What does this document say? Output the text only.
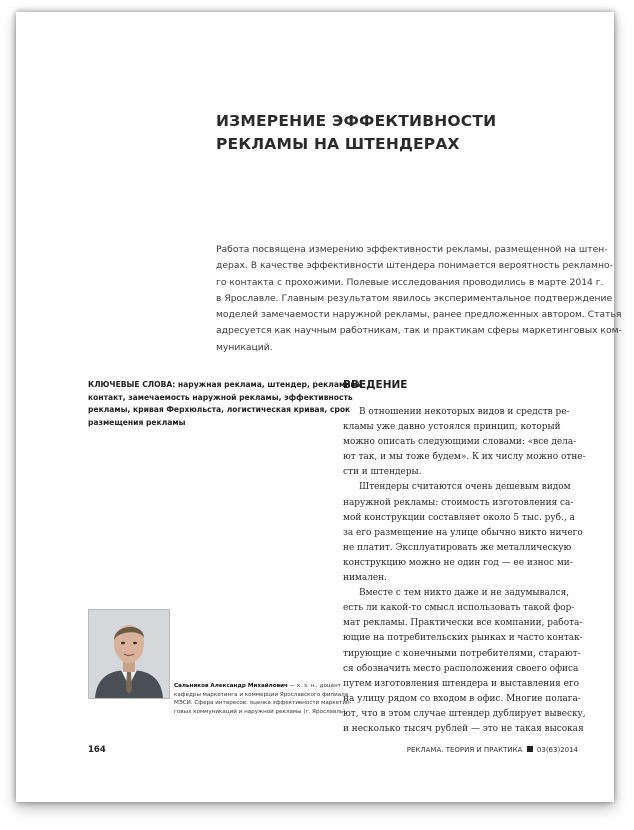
ИЗМЕРЕНИЕ ЭФФЕКТИВНОСТИ
РЕКЛАМЫ НА ШТЕНДЕРАХ
Работа посвящена измерению эффективности рекламы, размещенной на штен-
дерах. В качестве эффективности штендера понимается вероятность рекламно-
го контакта с прохожими. Полевые исследования проводились в марте 2014 г.
в Ярославле. Главным результатом явилось экспериментальное подтверждение
моделей замечаемости наружной рекламы, ранее предложенных автором. Статья
адресуется как научным работникам, так и практикам сферы маркетинговых ком-
муникаций.
КЛЮЧЕВЫЕ СЛОВА: наружная реклама, штендер, рекламный
контакт, замечаемость наружной рекламы, эффективность
рекламы, кривая Ферхюльста, логистическая кривая, срок
размещения рекламы
ВВЕДЕНИЕ
В отношении некоторых видов и средств ре-
кламы уже давно устоялся принцип, который
можно описать следующими словами: «все дела-
ют так, и мы тоже будем». К их числу можно отне-
сти и штендеры.
Штендеры считаются очень дешевым видом
наружной рекламы: стоимость изготовления са-
мой конструкции составляет около 5 тыс. руб., а
за его размещение на улице обычно никто ничего
не платит. Эксплуатировать же металлическую
конструкцию можно не один год — ее износ ми-
нимален.
Вместе с тем никто даже и не задумывался,
есть ли какой-то смысл использовать такой фор-
мат рекламы. Практически все компании, работа-
ющие на потребительских рынках и часто контак-
тирующие с конечными потребителями, старают-
ся обозначить место расположения своего офиса
путем изготовления штендера и выставления его
на улицу рядом со входом в офис. Многие полага-
ют, что в этом случае штендер дублирует вывеску,
и несколько тысяч рублей — это не такая высокая
Сальников Александр Михайлович — к. э. н., доцент
кафедры маркетинга и коммерции Ярославского филиала
МЭСИ. Сфера интересов: оценка эффективности маркетин-
говых коммуникаций и наружной рекламы (г. Ярославль)
164	РЕКЛАМА. ТЕОРИЯ И ПРАКТИКА 03(63)2014
